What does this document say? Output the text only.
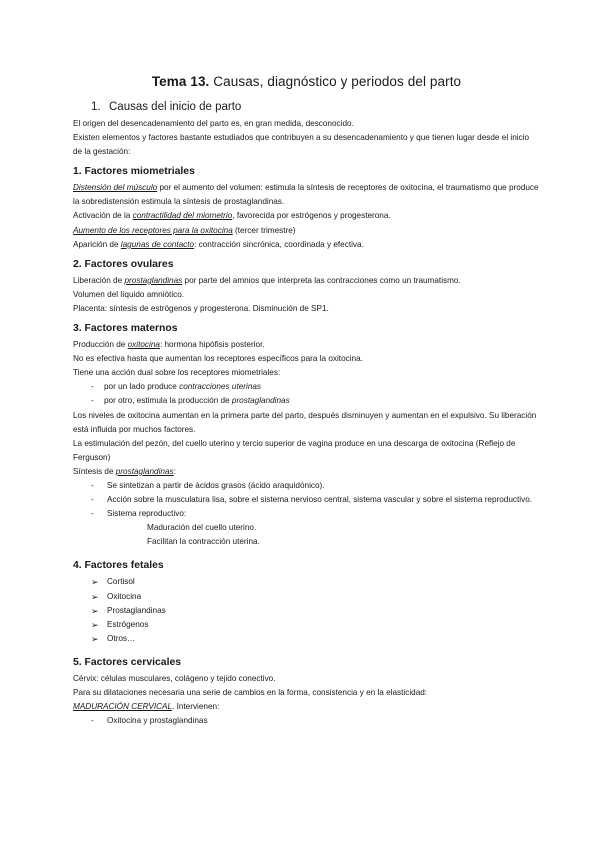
Tema 13. Causas, diagnóstico y periodos del parto
1. Causas del inicio de parto

El origen del desencadenamiento del parto es, en gran medida, desconocido.

Existen elementos y factores bastante estudiados que contribuyen a su desencadenamiento y que tienen lugar desde el inicio de la gestación:

1. Factores miometriales

Distensión del músculo por el aumento del volumen: estimula la síntesis de receptores de oxitocina, el traumatismo que produce la sobredistensión estimula la síntesis de prostaglandinas.

Activación de la contractilidad del miometrio, favorecida por estrógenos y progesterona.

Aumento de los receptores para la oxitocina (tercer trimestre)

Aparición de lagunas de contacto: contracción sincrónica, coordinada y efectiva.

2. Factores ovulares

Liberación de prostaglandinas por parte del amnios que interpreta las contracciones como un traumatismo.

Volumen del líquido amniótico.

Placenta: síntesis de estrógenos y progesterona. Disminución de SP1.

3. Factores maternos

Producción de oxitocina: hormona hipófisis posterior.

No es efectiva hasta que aumentan los receptores específicos para la oxitocina.

Tiene una acción dual sobre los receptores miometriales:

- por un lado produce contracciones uterinas
- por otro, estimula la producción de prostaglandinas

Los niveles de oxitocina aumentan en la primera parte del parto, después disminuyen y aumentan en el expulsivo. Su liberación está influida por muchos factores.

La estimulación del pezón, del cuello uterino y tercio superior de vagina produce en una descarga de oxitocina (Reflejo de Ferguson)

Síntesis de prostaglandinas:

- Se sintetizan a partir de ácidos grasos (ácido araquidónico).
- Acción sobre la musculatura lisa, sobre el sistema nervioso central, sistema vascular y sobre el sistema reproductivo.
- Sistema reproductivo:
Maduración del cuello uterino.
Facilitan la contracción uterina.
4. Factores fetales
➢ Cortisol
➢ Oxitocina
➢ Prostaglandinas
➢ Estrógenos
➢ Otros…
5. Factores cervicales

Cérvix: células musculares, colágeno y tejido conectivo.

Para su dilataciones necesaria una serie de cambios en la forma, consistencia y en la elasticidad:

MADURACIÓN CERVICAL. Intervienen:

- Oxitocina y prostaglandinas
